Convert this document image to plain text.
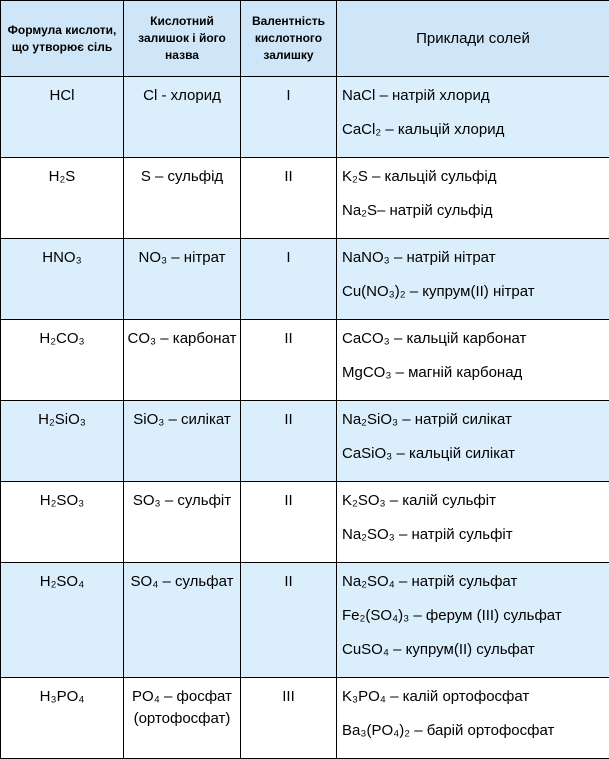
Формула кислоти, що утворює сіль	Кислотний залишок і його назва	Валентність кислотного залишку	Приклади солей
HCl	Cl - хлорид	I	NaCl – натрій хлорид
CaCl₂ – кальцій хлорид

H₂S	S – сульфід	II	K₂S – кальцій сульфід
Na₂S– натрій сульфід

HNO₃	NO₃ – нітрат	I	NaNO₃ – натрій нітрат
Cu(NO₃)₂ – купрум(II) нітрат

H₂CO₃	CO₃ – карбонат	II	CaCO₃ – кальцій карбонат
MgCO₃ – магній карбонад

H₂SiO₃	SiO₃ – силікат	II	Na₂SiO₃ – натрій силікат
CaSiO₃ – кальцій силікат

H₂SO₃	SO₃ – сульфіт	II	K₂SO₃ – калій сульфіт
Na₂SO₃ – натрій сульфіт

H₂SO₄	SO₄ – сульфат	II	Na₂SO₄ – натрій сульфат
Fe₂(SO₄)₃ – ферум (III) сульфат
CuSO₄ – купрум(II) сульфат

H₃PO₄	PO₄ – фосфат (ортофосфат)	III	K₃PO₄ – калій ортофосфат
Ba₃(PO₄)₂ – барій ортофосфат
